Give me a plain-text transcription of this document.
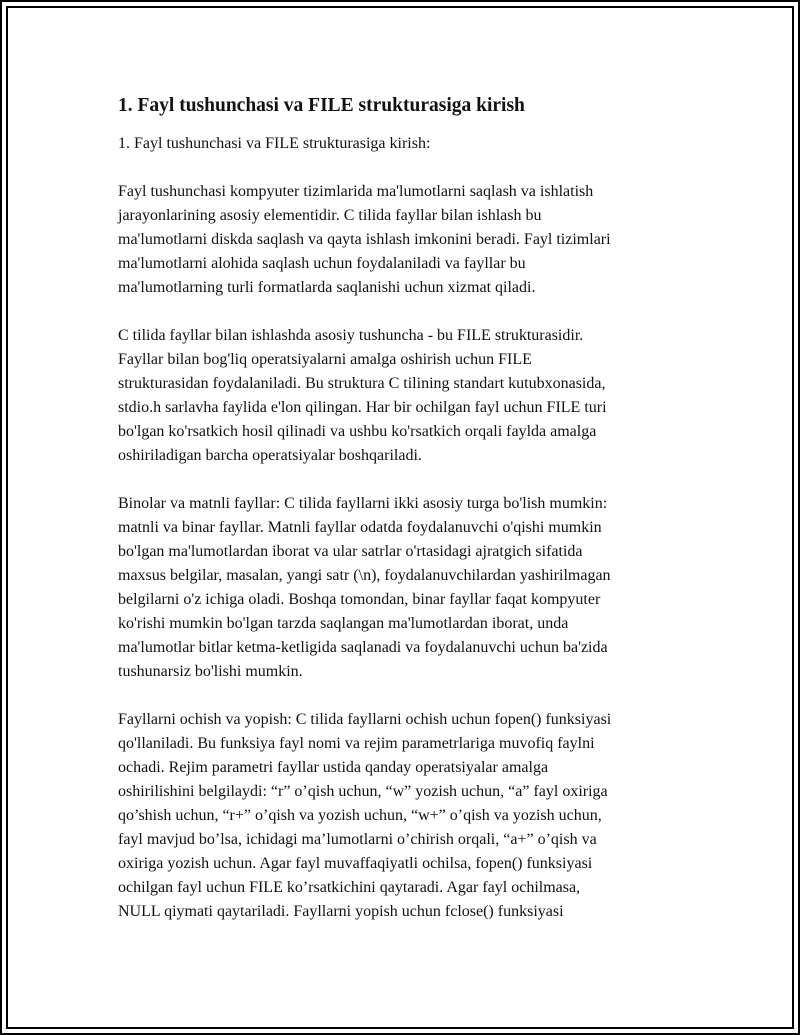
1. Fayl tushunchasi va FILE strukturasiga kirish
1. Fayl tushunchasi va FILE strukturasiga kirish:
Fayl tushunchasi kompyuter tizimlarida ma'lumotlarni saqlash va ishlatish
jarayonlarining asosiy elementidir. C tilida fayllar bilan ishlash bu
ma'lumotlarni diskda saqlash va qayta ishlash imkonini beradi. Fayl tizimlari
ma'lumotlarni alohida saqlash uchun foydalaniladi va fayllar bu
ma'lumotlarning turli formatlarda saqlanishi uchun xizmat qiladi.
C tilida fayllar bilan ishlashda asosiy tushuncha - bu FILE strukturasidir.
Fayllar bilan bog'liq operatsiyalarni amalga oshirish uchun FILE
strukturasidan foydalaniladi. Bu struktura C tilining standart kutubxonasida,
stdio.h sarlavha faylida e'lon qilingan. Har bir ochilgan fayl uchun FILE turi
bo'lgan ko'rsatkich hosil qilinadi va ushbu ko'rsatkich orqali faylda amalga
oshiriladigan barcha operatsiyalar boshqariladi.
Binolar va matnli fayllar: C tilida fayllarni ikki asosiy turga bo'lish mumkin:
matnli va binar fayllar. Matnli fayllar odatda foydalanuvchi o'qishi mumkin
bo'lgan ma'lumotlardan iborat va ular satrlar o'rtasidagi ajratgich sifatida
maxsus belgilar, masalan, yangi satr (\n), foydalanuvchilardan yashirilmagan
belgilarni o'z ichiga oladi. Boshqa tomondan, binar fayllar faqat kompyuter
ko'rishi mumkin bo'lgan tarzda saqlangan ma'lumotlardan iborat, unda
ma'lumotlar bitlar ketma-ketligida saqlanadi va foydalanuvchi uchun ba'zida
tushunarsiz bo'lishi mumkin.
Fayllarni ochish va yopish: C tilida fayllarni ochish uchun fopen() funksiyasi
qo'llaniladi. Bu funksiya fayl nomi va rejim parametrlariga muvofiq faylni
ochadi. Rejim parametri fayllar ustida qanday operatsiyalar amalga
oshirilishini belgilaydi: “r” o’qish uchun, “w” yozish uchun, “a” fayl oxiriga
qo’shish uchun, “r+” o’qish va yozish uchun, “w+” o’qish va yozish uchun,
fayl mavjud bo’lsa, ichidagi ma’lumotlarni o’chirish orqali, “a+” o’qish va
oxiriga yozish uchun. Agar fayl muvaffaqiyatli ochilsa, fopen() funksiyasi
ochilgan fayl uchun FILE ko’rsatkichini qaytaradi. Agar fayl ochilmasa,
NULL qiymati qaytariladi. Fayllarni yopish uchun fclose() funksiyasi
